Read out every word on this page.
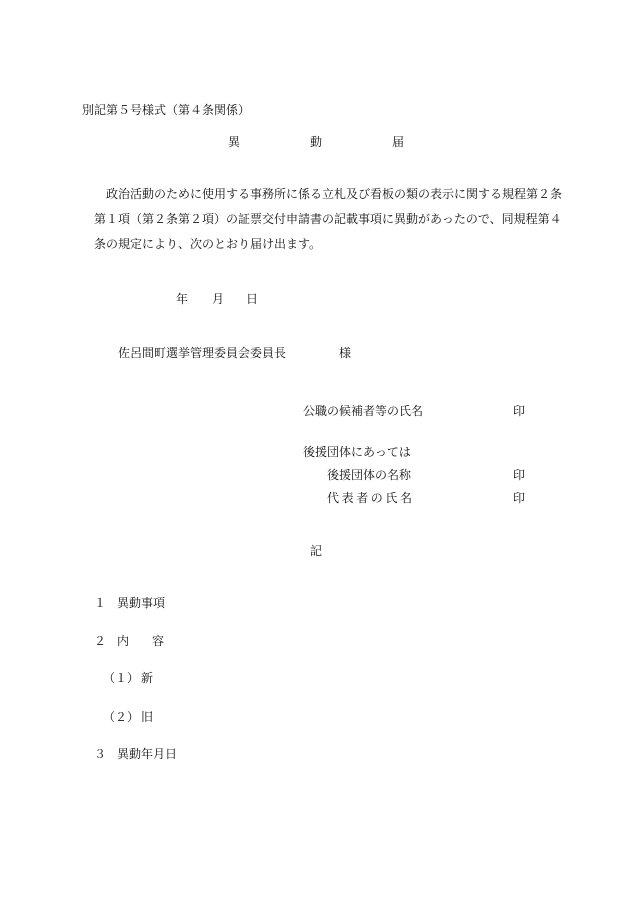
別記第５号様式（第４条関係）
異	動	届
政治活動のために使用する事務所に係る立札及び看板の類の表示に関する規程第２条
第１項（第２条第２項）の証票交付申請書の記載事項に異動があったので、同規程第４
条の規定により、次のとおり届け出ます。
年 月 日
佐呂間町選挙管理委員会委員長	様
公職の候補者等の氏名	印
後援団体にあっては
後援団体の名称	印
代表者の氏名	印
記
１ 異動事項
２ 内 容
（１） 新
（２） 旧
３ 異動年月日
